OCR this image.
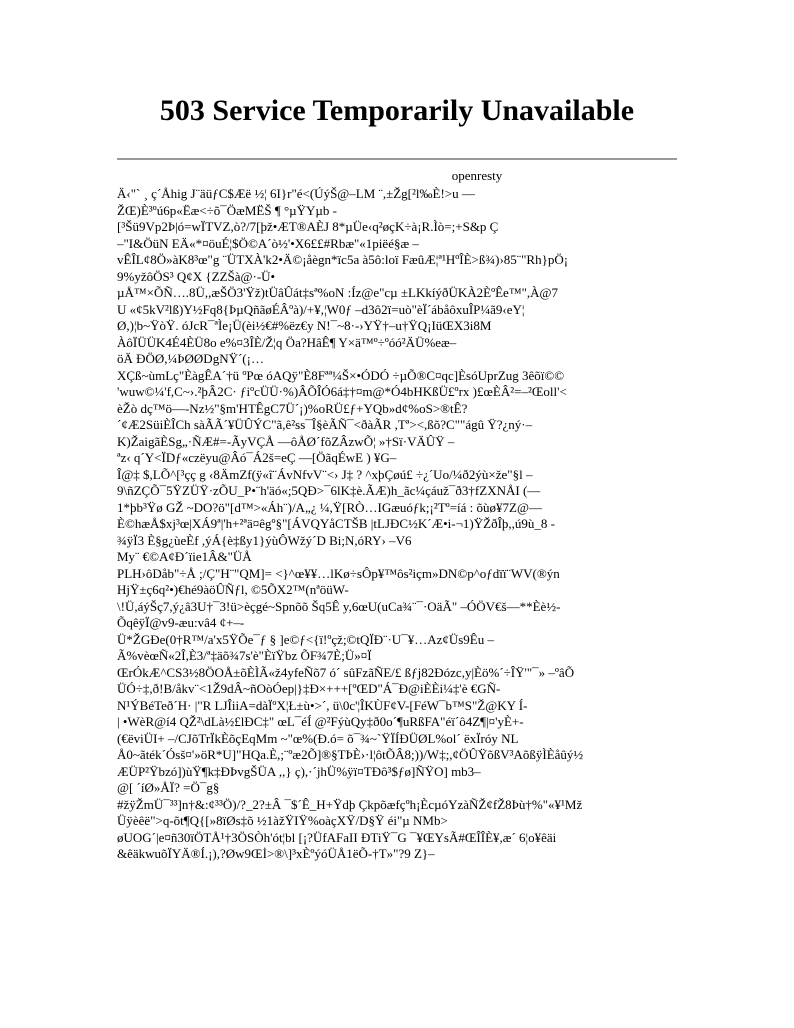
503 Service Temporarily Unavailable
openresty
Ä‹"` ¸ ç´Åhig J¨äüƒC$Æë ½¦ 6I}r"é<(ÚýŠ@–LM ¨,±Žg[²l‰È!>u —
ŽŒ)È³ºú6p«Ëæ<÷õ¯ÖæMËŠ ¶ °µŸYµb -
[³Šü9Vp2Þ|ó=wÏTVZ,ò?/7[þž•ÆT®AÈJ 8*µÜe‹q²øçK÷à¡R.Ìò=;+S&p Ç
–"I&ÖüN EÄ«*¤öuÉ¦$Ö©A´ò½'•X6££#Rbæ"«1piëé§æ –
vÊÎL¢8Ö»àK8³œ"g ¨ÜTXÀ'k2•Ä©¡åègn*ïc5a à5ô:loï FæûÆ¦ª¹HºÎÈ>ß¾)›85¨"Rh}pÖ¡
9%yžôÖS³ Q¢X {ZZŠà@·-Ü•
µÅ™×ÕÑ….8Ü,,æŠÖ3'Ÿž)tÜâÛát‡sª%oN :Íz@e"cµ ±LKkíýðÜKÀ2ÈºÊe™",À@7
U «¢5kV²lß)Y½Fq8{ÞµQñãøÉÂºà)/+¥,¦W0ƒ –d3ô2ï=uò"èÏ´ábåôxuÎP¼ã9‹eY¦
Ø,)¦b~ŸòŸ. óJcR¯ªÌe¡Ü(èi½€#%ëz€y N!¯~8·-›YŸ†–u†ŸQ¡IüŒX3i8M
ÀôÏÜÜK4É4ÈÜ8o e%¤3ÎÈ/Ž¦q Öa?HâÊ¶ Y×ä™º÷ºóó²ÄÜ%eæ–
öÄ ÐÖØ,¼ÞØØDgNŸ´(¡…
XÇß~ùmLç"ÈàgÊA´†ü ºPœ óAQÿ"È8Fªª¼Š×•ÓDÓ ÷µÕ®C¤qc]ÈsóUprZug 3êõï©©
'wuw©¼'f,C~›.²þÂ2C· ƒiºcÜÜ·%)ÂÕÎÓ6á‡†¤m@*Ó4bHKßÜ£ºrx )£œÈÂ²=–²Œoll'<
èŽò dç™ö—-Nz½"§m'HTÊgC7Ü´¡)%oRÜ£ƒ+YQb»d¢%oS>®tÊ?
´¢Æ2SüiÈÎCh sàÃÃ´¥ÜÛÝC"ã,ê²ss¯Î§èÃÑ¯<ðàÃR ,Tª><,ßõ?C""ágû Ÿ?¿ný·–
K)ŽaigãÈSg„·ÑÆ#=-ÃyVÇÅ —ôÅØ´fõZÂzwÕ¦ »†Sï·VÄÛŸ –
ªz‹ q´Y<ÏDƒ«czëyu@Âó¯Á2š=eÇ —[ÖãqÉwE ) ¥G–
Î@‡ $,LÕ^[³çç g ‹8ÄmZf(ÿ«î¨ÁvNfvV¨<› J‡ ? ^xþÇøú£ ÷¿´Uo/¼ð2ýù×že"§l –
9\ñZÇÕ¯5ŸZÜŸ·zÕU_P•¨h'äó«;5QÐ>¯6lK‡è.ÃÆ)h_ãc¼çáuž¯ð3†fZXNÅI (—
1*þb³Ÿø GŽ ~DO?ö"[d™>«Áh¨)/A„¿ ¼,Ÿ[RÒ…IGæuóƒk;¡²Tº=íá : õùø¥7Z@—
È©hæÅ$xj³œ|XÁ9ª|'h+²ªä¤êgº§"[ÁVQYåCTŠB |tLJÐC½K´Æ•i-¬1)ŸŽðÎþ,,ú9ù_8 -
¾ÿÏ3 È§g¿ùeÈf ,ýÁ{è‡ßy1}ýùÔWžý´D Bi;N,óRY› –V6
My¨ €©A¢Ð´ïie1Â&"ÜÅ
PLH›ôDåb"÷Å ;/Ç"H¨"QM]= <}^œ¥¥…lKø÷sÔp¥™ôs²içm»DN©p^oƒdïï¨WV(®ýn
HjŸ±ç6q²•)€hé9àöÛÑƒl, ©5ÕX2™(nªöüW-
\!Ü,áýŠç7,ý¿â3U†¯3!ü>èçgé~Spnõõ Šq5Ê y,6œU(uCa¾¨¯·OäÃ" –ÓÖV€š—**Èè½-
ÕqêÿÏ@v9-æu:vâ4 ¢+–-
Ü*ŽGÐe(0†R™/a'x5ŸÕe¯ƒ § ]e©ƒ<{ï!ºçž;©tQÏÐ¨·U¯¥…Az¢Üs9Êu –
Ã%vèœÑ«2Î,È3/ª‡äõ¾7s'è"ÈïŸbz ÕF¾7È;Ü»¤Ï
ŒrÓkÆ^CS3½8ÖOÅ±õÈÌÃ«ž4yfeÑõ7 ó´ sûFzãÑE/£ ßƒj82Ðózc,y|Èö%´÷ÎŸ'"¯» –ºâÕ
ÜÓ÷‡,ð!B/åkv¨<1Ž9dÂ~ñOòÓep|}‡Ð×+++[ºŒD"Á¯Ð@iÈÈi¼‡'è €GÑ-
N¹ÝBéTeð´H· |"R LJÎiiA=dàÏºX¦Ł±ù•>´, ü\0c'¦ÎKÙF¢V-[FéW¯b™S"Ž@KY Í-
| •WèR@í4 QŽ²\dLà½£lÐC‡" œL¯éÍ @²FýùQy‡ð0o´¶uRßFA"éï´ô4Z¶|¤'yÈ+-
(€ëviÜI+ –/CJõTrÏkÈõçEqMm ~"œ%(Ð.ó= õ¯¾~`ŸÏÍÐÜØL%ol´ ëxÏróy NL
Å0~ãték´Ósš¤'»öR*U]"HQa.È,;¨ºæ2Õ]®§TÞÈ›·l¦ôtÕÂ8;))/W‡;,¢ÖÛŸõßV³AõßÿÌÈåûý½
ÆÜP²Ÿbzó])ùŸ¶k‡ÐÞvgŠÜA ,,} ç),·´jhÜ%ÿï¤TÐô³$ƒø]ÑŸO] mb3–
@[ ´íØ»ÅÏ? =Ö¯g§
#žÿŽmÜ¯³³]n†&:¢³³Ö)/?_2?±Â ¯$´Ê_H+Ÿdþ Çkpõæfçºh¡ÈcµóYzàÑŽ¢fŽ8Þù†%"«¥¹Mž
Üÿèêë">q-õt¶Q{[»8ïØs‡õ ½1àžŸIŸ%oàçXŸ/D§Ÿ éi"µ NMb>
øUOG´|e¤ñ30ïÖTÅ¹†3ÖSÒh'ót¦bl [¡?ÜfAFaII ÐTiŸ¯G ¯¥ŒYsÃ#ŒÎÎÈ¥,æ´ 6¦o¥êäi
&êäkwuõÏYÄ®Í.¡),?Øw9Œİ>®\]³xÈºýóÜÅ1ëÕ-†T»"?9 Z}–
